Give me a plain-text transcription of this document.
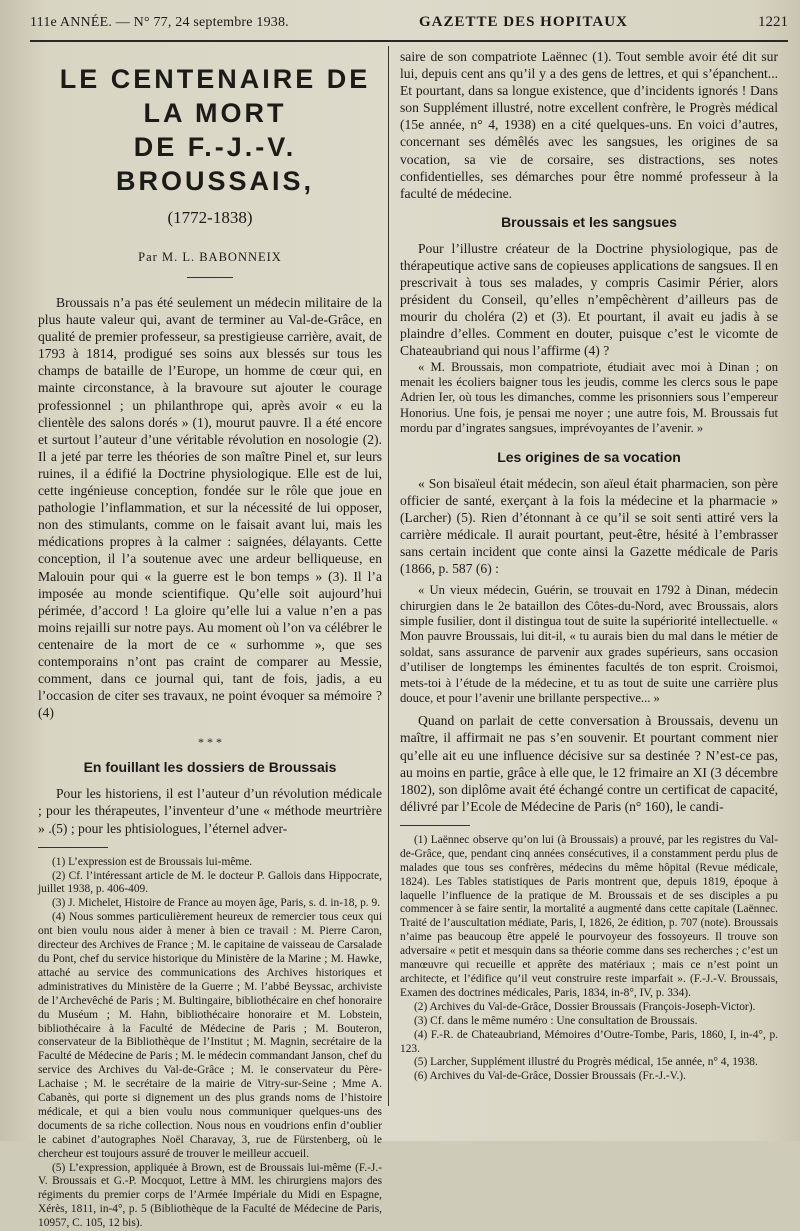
111e ANNÉE. — N° 77, 24 septembre 1938.	GAZETTE DES HOPITAUX	1221
LE CENTENAIRE DE LA MORT
DE F.-J.-V. BROUSSAIS,
(1772-1838)
Par M. L. BABONNEIX

Broussais n’a pas été seulement un médecin militaire de la plus haute valeur qui, avant de terminer au Val-de-Grâce, en qualité de premier professeur, sa prestigieuse carrière, avait, de 1793 à 1814, prodigué ses soins aux blessés sur tous les champs de bataille de l’Europe, un homme de cœur qui, en mainte circonstance, à la bravoure sut ajouter le courage professionnel ; un philanthrope qui, après avoir « eu la clientèle des salons dorés » (1), mourut pauvre. Il a été encore et surtout l’auteur d’une véritable révolution en nosologie (2). Il a jeté par terre les théories de son maître Pinel et, sur leurs ruines, il a édifié la Doctrine physiologique. Elle est de lui, cette ingénieuse conception, fondée sur le rôle que joue en pathologie l’inflammation, et sur la nécessité de lui opposer, non des stimulants, comme on le faisait avant lui, mais les médications propres à la calmer : saignées, délayants. Cette conception, il l’a soutenue avec une ardeur belliqueuse, en Malouin pour qui « la guerre est le bon temps » (3). Il l’a imposée au monde scientifique. Qu’elle soit aujourd’hui périmée, d’accord ! La gloire qu’elle lui a value n’en a pas moins rejailli sur notre pays. Au moment où l’on va célébrer le centenaire de la mort de ce « surhomme », que ses contemporains n’ont pas craint de comparer au Messie, comment, dans ce journal qui, tant de fois, jadis, a eu l’occasion de citer ses travaux, ne point évoquer sa mémoire ? (4)

* * *
En fouillant les dossiers de Broussais

Pour les historiens, il est l’auteur d’un révolution médicale ; pour les thérapeutes, l’inventeur d’une « méthode meurtrière » .(5) ; pour les phtisiologues, l’éternel adver-

(1) L’expression est de Broussais lui-même.

(2) Cf. l’intéressant article de M. le docteur P. Gallois dans Hippocrate, juillet 1938, p. 406-409.

(3) J. Michelet, Histoire de France au moyen âge, Paris, s. d. in-18, p. 9.

(4) Nous sommes particulièrement heureux de remercier tous ceux qui ont bien voulu nous aider à mener à bien ce travail : M. Pierre Caron, directeur des Archives de France ; M. le capitaine de vaisseau de Carsalade du Pont, chef du service historique du Ministère de la Marine ; M. Hawke, attaché au service des communications des Archives historiques et administratives du Ministère de la Guerre ; M. l’abbé Beyssac, archiviste de l’Archevêché de Paris ; M. Bultingaire, bibliothécaire en chef honoraire du Muséum ; M. Hahn, bibliothécaire honoraire et M. Lobstein, bibliothécaire à la Faculté de Médecine de Paris ; M. Bouteron, conservateur de la Bibliothèque de l’Institut ; M. Magnin, secrétaire de la Faculté de Médecine de Paris ; M. le médecin commandant Janson, chef du service des Archives du Val-de-Grâce ; M. le conservateur du Père-Lachaise ; M. le secrétaire de la mairie de Vitry-sur-Seine ; Mme A. Cabanès, qui porte si dignement un des plus grands noms de l’histoire médicale, et qui a bien voulu nous communiquer quelques-uns des documents de sa riche collection. Nous nous en voudrions enfin d’oublier le cabinet d’autographes Noël Charavay, 3, rue de Fürstenberg, où le chercheur est toujours assuré de trouver le meilleur accueil.

(5) L’expression, appliquée à Brown, est de Broussais lui-même (F.-J.-V. Broussais et G.-P. Mocquot, Lettre à MM. les chirurgiens majors des régiments du premier corps de l’Armée Impériale du Midi en Espagne, Xérès, 1811, in-4°, p. 5 (Bibliothèque de la Faculté de Médecine de Paris, 10957, C. 105, 12 bis).

saire de son compatriote Laënnec (1). Tout semble avoir été dit sur lui, depuis cent ans qu’il y a des gens de lettres, et qui s’épanchent... Et pourtant, dans sa longue existence, que d’incidents ignorés ! Dans son Supplément illustré, notre excellent confrère, le Progrès médical (15e année, n° 4, 1938) en a cité quelques-uns. En voici d’autres, concernant ses démêlés avec les sangsues, les origines de sa vocation, sa vie de corsaire, ses distractions, ses notes confidentielles, ses démarches pour être nommé professeur à la faculté de médecine.

Broussais et les sangsues

Pour l’illustre créateur de la Doctrine physiologique, pas de thérapeutique active sans de copieuses applications de sangsues. Il en prescrivait à tous ses malades, y compris Casimir Périer, alors président du Conseil, qu’elles n’empêchèrent d’ailleurs pas de mourir du choléra (2) et (3). Et pourtant, il avait eu jadis à se plaindre d’elles. Comment en douter, puisque c’est le vicomte de Chateaubriand qui nous l’affirme (4) ?

« M. Broussais, mon compatriote, étudiait avec moi à Dinan ; on menait les écoliers baigner tous les jeudis, comme les clercs sous le pape Adrien Ier, où tous les dimanches, comme les prisonniers sous l’empereur Honorius. Une fois, je pensai me noyer ; une autre fois, M. Broussais fut mordu par d’ingrates sangsues, imprévoyantes de l’avenir. »

Les origines de sa vocation

« Son bisaïeul était médecin, son aïeul était pharmacien, son père officier de santé, exerçant à la fois la médecine et la pharmacie » (Larcher) (5). Rien d’étonnant à ce qu’il se soit senti attiré vers la carrière médicale. Il aurait pourtant, peut-être, hésité à l’embrasser sans certain incident que conte ainsi la Gazette médicale de Paris (1866, p. 587 (6) :

« Un vieux médecin, Guérin, se trouvait en 1792 à Dinan, médecin chirurgien dans le 2e bataillon des Côtes-du-Nord, avec Broussais, alors simple fusilier, dont il distingua tout de suite la supériorité intellectuelle. « Mon pauvre Broussais, lui dit-il, « tu aurais bien du mal dans le métier de soldat, sans assurance de parvenir aux grades supérieurs, sans occasion d’utiliser de longtemps les éminentes facultés de ton esprit. Croismoi, mets-toi à l’étude de la médecine, et tu as tout de suite une carrière plus douce, et pour l’avenir une brillante perspective... »

Quand on parlait de cette conversation à Broussais, devenu un maître, il affirmait ne pas s’en souvenir. Et pourtant comment nier qu’elle ait eu une influence décisive sur sa destinée ? N’est-ce pas, au moins en partie, grâce à elle que, le 12 frimaire an XI (3 décembre 1802), son diplôme avait été échangé contre un certificat de capacité, délivré par l’Ecole de Médecine de Paris (n° 160), le candi-

(1) Laënnec observe qu’on lui (à Broussais) a prouvé, par les registres du Val-de-Grâce, que, pendant cinq années consécutives, il a constamment perdu plus de malades que tous ses confrères, médecins du même hôpital (Revue médicale, 1824). Les Tables statistiques de Paris montrent que, depuis 1819, époque à laquelle l’influence de la pratique de M. Broussais et de ses disciples a pu commencer à se faire sentir, la mortalité a augmenté dans cette capitale (Laënnec. Traité de l’auscultation médiate, Paris, I, 1826, 2e édition, p. 707 (note). Broussais n’aime pas beaucoup être appelé le pourvoyeur des fossoyeurs. Il trouve son adversaire « petit et mesquin dans sa théorie comme dans ses recherches ; c’est un manœuvre qui recueille et apprête des matériaux ; mais ce n’est point un architecte, et l’édifice qu’il veut construire reste imparfait ». (F.-J.-V. Broussais, Examen des doctrines médicales, Paris, 1834, in-8°, IV, p. 334).

(2) Archives du Val-de-Grâce, Dossier Broussais (François-Joseph-Victor).

(3) Cf. dans le même numéro : Une consultation de Broussais.

(4) F.-R. de Chateaubriand, Mémoires d’Outre-Tombe, Paris, 1860, I, in-4°, p. 123.

(5) Larcher, Supplément illustré du Progrès médical, 15e année, n° 4, 1938.

(6) Archives du Val-de-Grâce, Dossier Broussais (Fr.-J.-V.).
